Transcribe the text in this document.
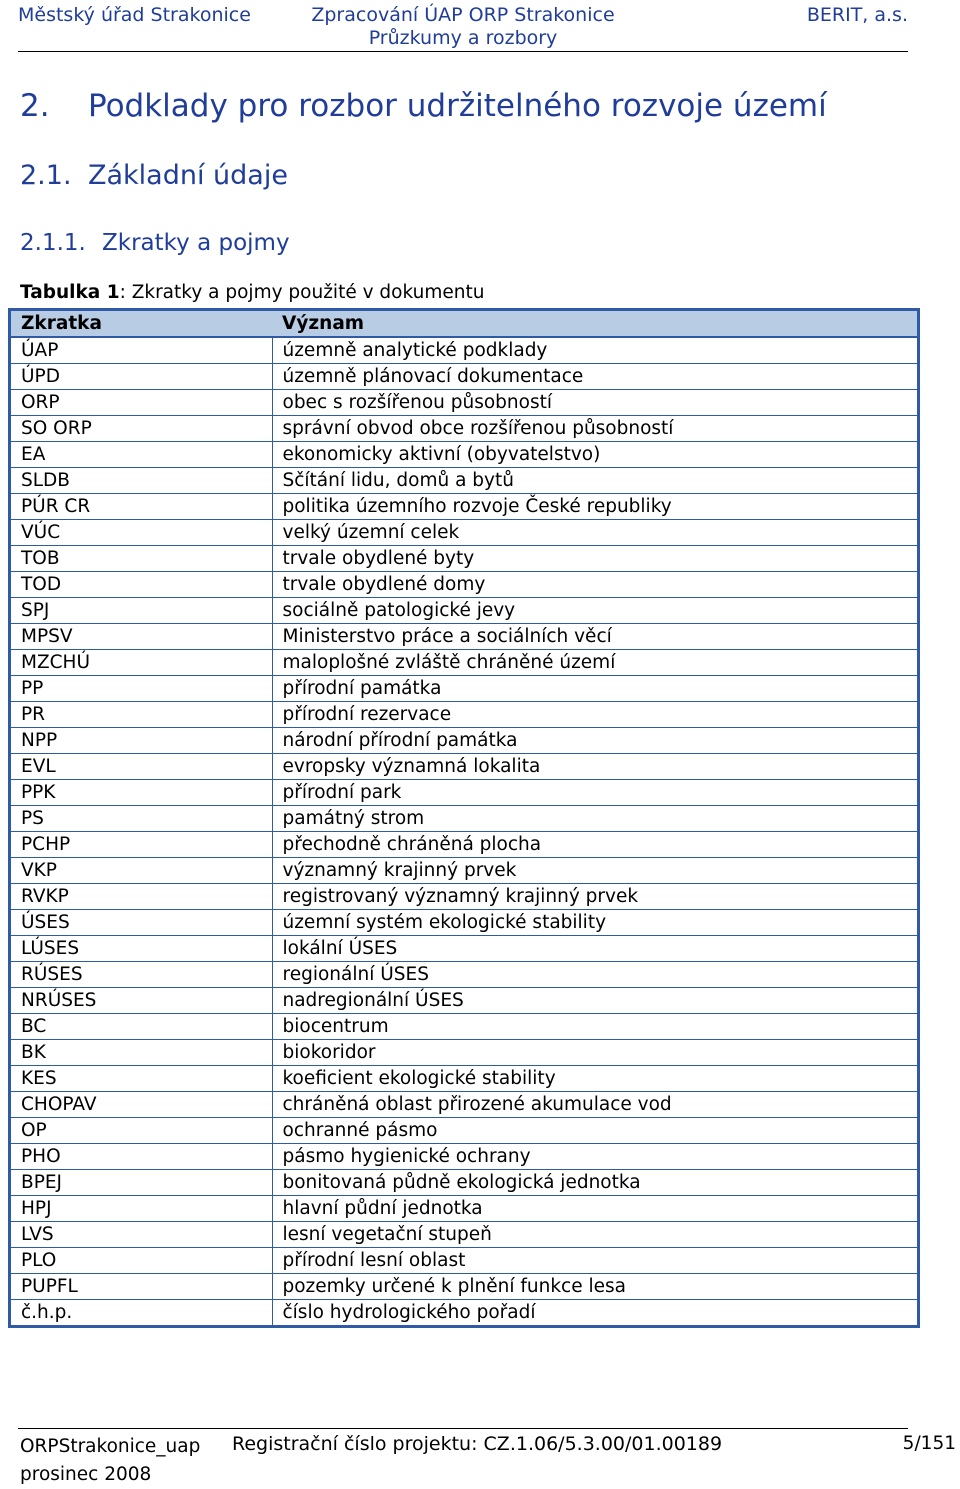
Městský úřad Strakonice	Zpracování ÚAP ORP Strakonice
Průzkumy a rozbory
BERIT, a.s.
2. Podklady pro rozbor udržitelného rozvoje území
2.1. Základní údaje
2.1.1. Zkratky a pojmy
Tabulka 1: Zkratky a pojmy použité v dokumentu
Zkratka	Význam
ÚAP	územně analytické podklady
ÚPD	územně plánovací dokumentace
ORP	obec s rozšířenou působností
SO ORP	správní obvod obce rozšířenou působností
EA	ekonomicky aktivní (obyvatelstvo)
SLDB	Sčítání lidu, domů a bytů
PÚR CR	politika územního rozvoje České republiky
VÚC	velký územní celek
TOB	trvale obydlené byty
TOD	trvale obydlené domy
SPJ	sociálně patologické jevy
MPSV	Ministerstvo práce a sociálních věcí
MZCHÚ	maloplošné zvláště chráněné území
PP	přírodní památka
PR	přírodní rezervace
NPP	národní přírodní památka
EVL	evropsky významná lokalita
PPK	přírodní park
PS	památný strom
PCHP	přechodně chráněná plocha
VKP	významný krajinný prvek
RVKP	registrovaný významný krajinný prvek
ÚSES	územní systém ekologické stability
LÚSES	lokální ÚSES
RÚSES	regionální ÚSES
NRÚSES	nadregionální ÚSES
BC	biocentrum
BK	biokoridor
KES	koeficient ekologické stability
CHOPAV	chráněná oblast přirozené akumulace vod
OP	ochranné pásmo
PHO	pásmo hygienické ochrany
BPEJ	bonitovaná půdně ekologická jednotka
HPJ	hlavní půdní jednotka
LVS	lesní vegetační stupeň
PLO	přírodní lesní oblast
PUPFL	pozemky určené k plnění funkce lesa
č.h.p.	číslo hydrologického pořadí
ORPStrakonice_uap
prosinec 2008
Registrační číslo projektu: CZ.1.06/5.3.00/01.00189	5/151
